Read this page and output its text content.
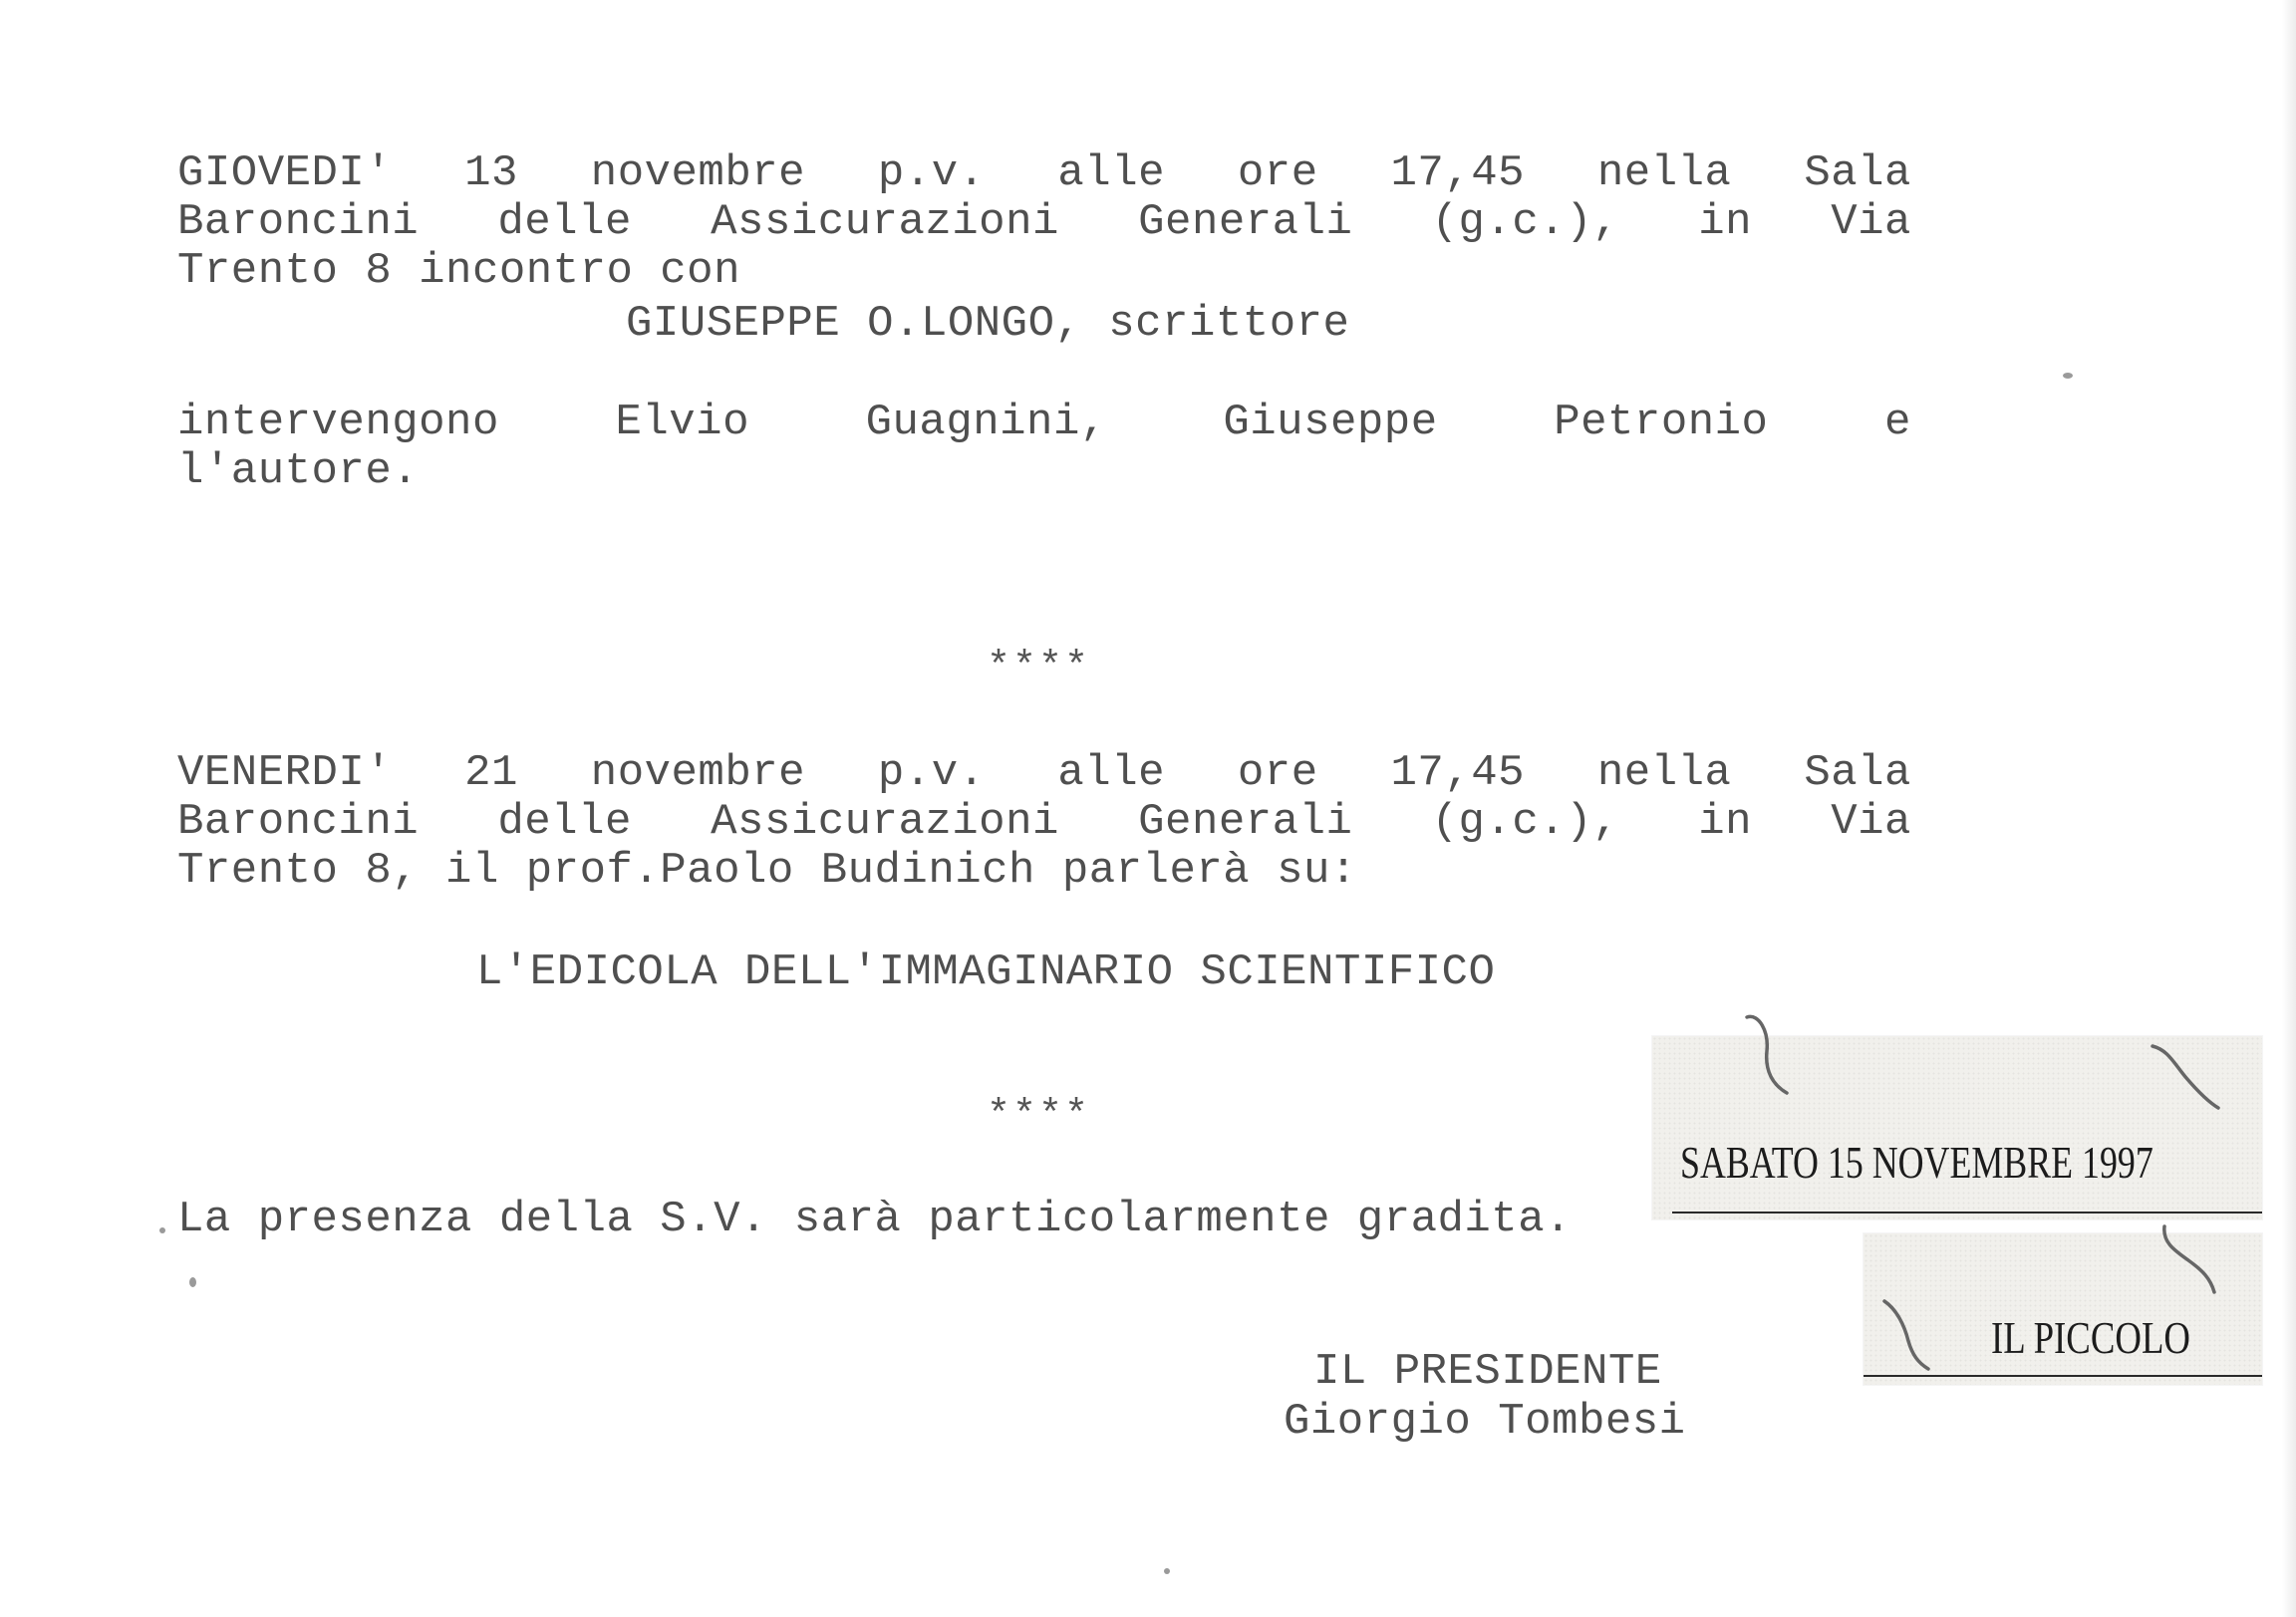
GIOVEDI' 13 novembre p.v. alle ore 17,45 nella Sala
Baroncini delle Assicurazioni Generali (g.c.), in Via
Trento 8 incontro con
GIUSEPPE O.LONGO, scrittore
intervengono	Elvio	Guagnini,	Giuseppe	Petronio	e
l'autore.
****
VENERDI' 21 novembre p.v. alle ore 17,45 nella Sala
Baroncini delle Assicurazioni Generali (g.c.), in Via
Trento 8, il prof.Paolo Budinich parlerà su:
L'EDICOLA DELL'IMMAGINARIO SCIENTIFICO
****
La presenza della S.V. sarà particolarmente gradita.
IL PRESIDENTE
Giorgio Tombesi
SABATO 15 NOVEMBRE 1997
IL PICCOLO
